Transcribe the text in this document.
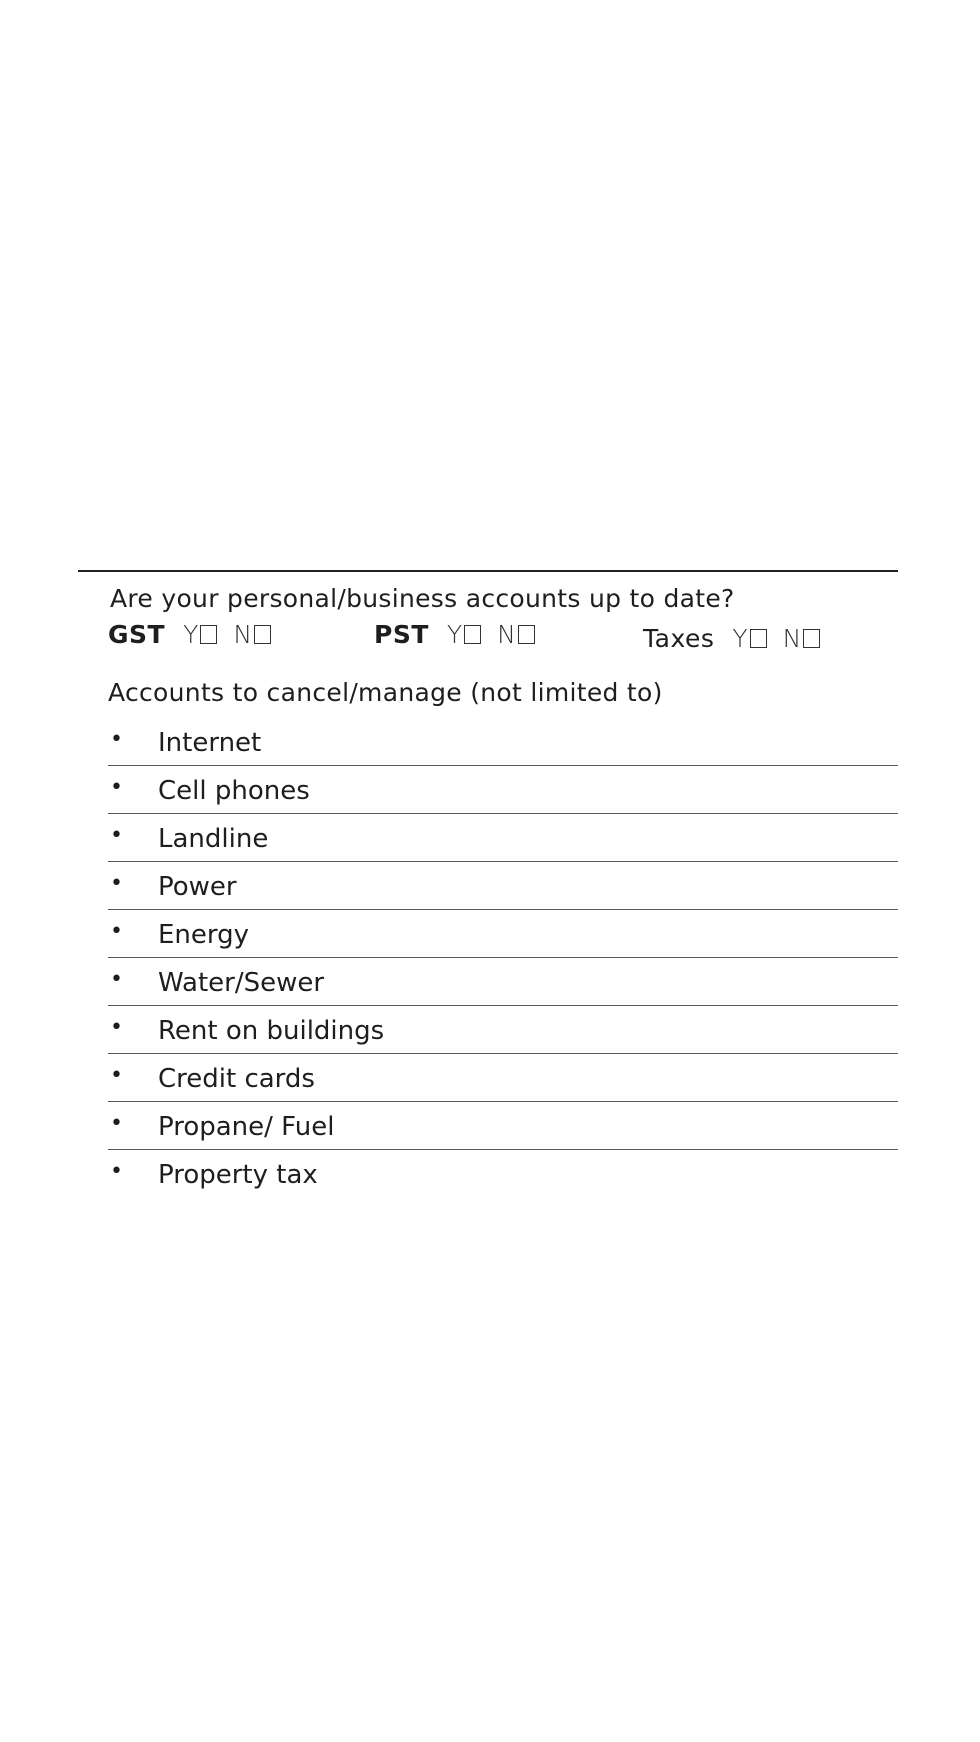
Are your personal/business accounts up to date?
GST Y N	PST Y N	Taxes Y N
Accounts to cancel/manage (not limited to)
• Internet
• Cell phones
• Landline
• Power
• Energy
• Water/Sewer
• Rent on buildings
• Credit cards
• Propane/ Fuel
• Property tax
